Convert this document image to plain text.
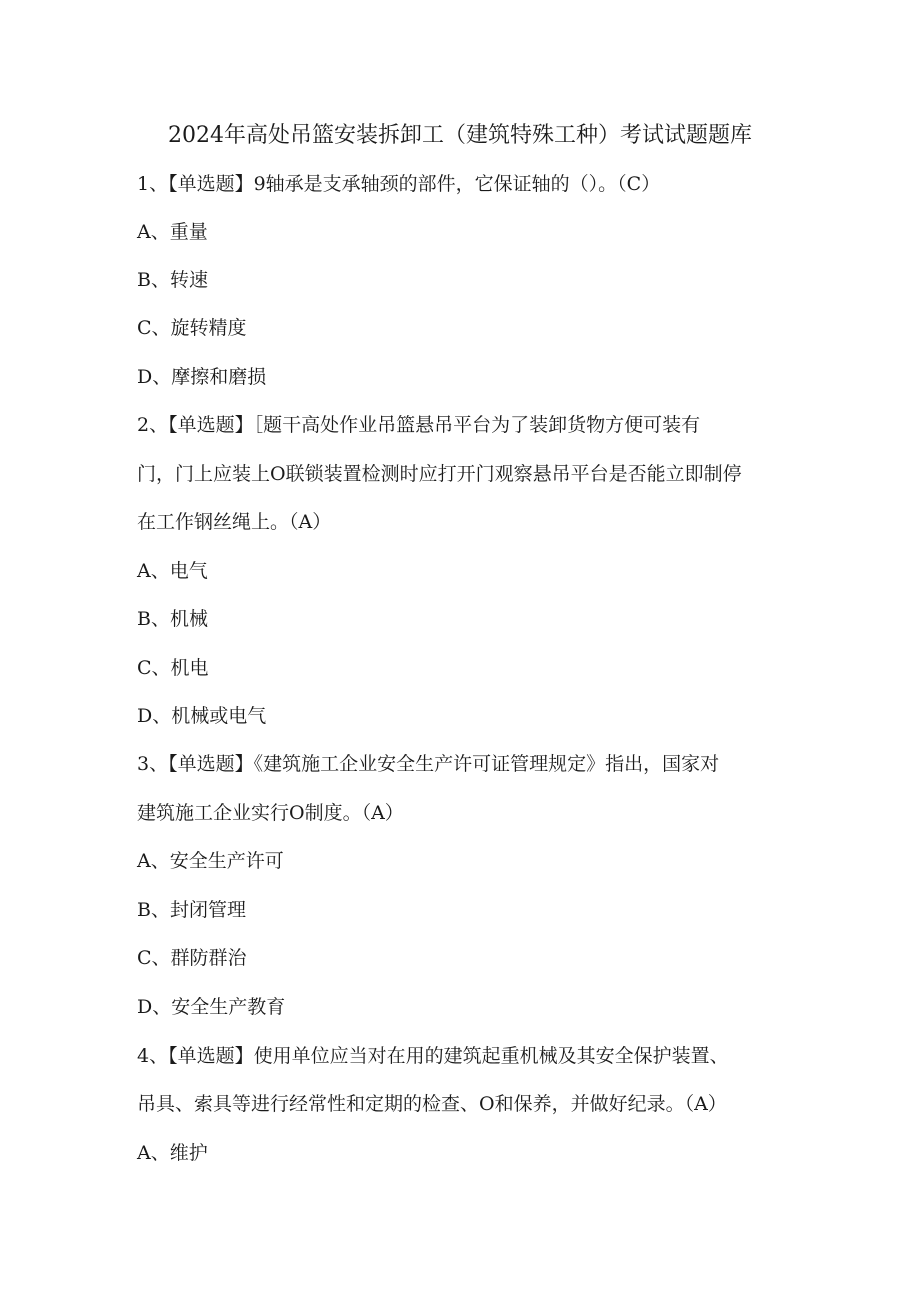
2024年高处吊篮安装拆卸工（建筑特殊工种）考试试题题库
1、【单选题】9轴承是支承轴颈的部件，它保证轴的（）。（C）
A、重量
B、转速
C、旋转精度
D、摩擦和磨损
2、【单选题】［题干高处作业吊篮悬吊平台为了装卸货物方便可装有
门，门上应装上O联锁装置检测时应打开门观察悬吊平台是否能立即制停
在工作钢丝绳上。（A）
A、电气
B、机械
C、机电
D、机械或电气
3、【单选题】《建筑施工企业安全生产许可证管理规定》指出，国家对
建筑施工企业实行O制度。（A）
A、安全生产许可
B、封闭管理
C、群防群治
D、安全生产教育
4、【单选题】使用单位应当对在用的建筑起重机械及其安全保护装置、
吊具、索具等进行经常性和定期的检查、O和保养，并做好纪录。（A）
A、维护
